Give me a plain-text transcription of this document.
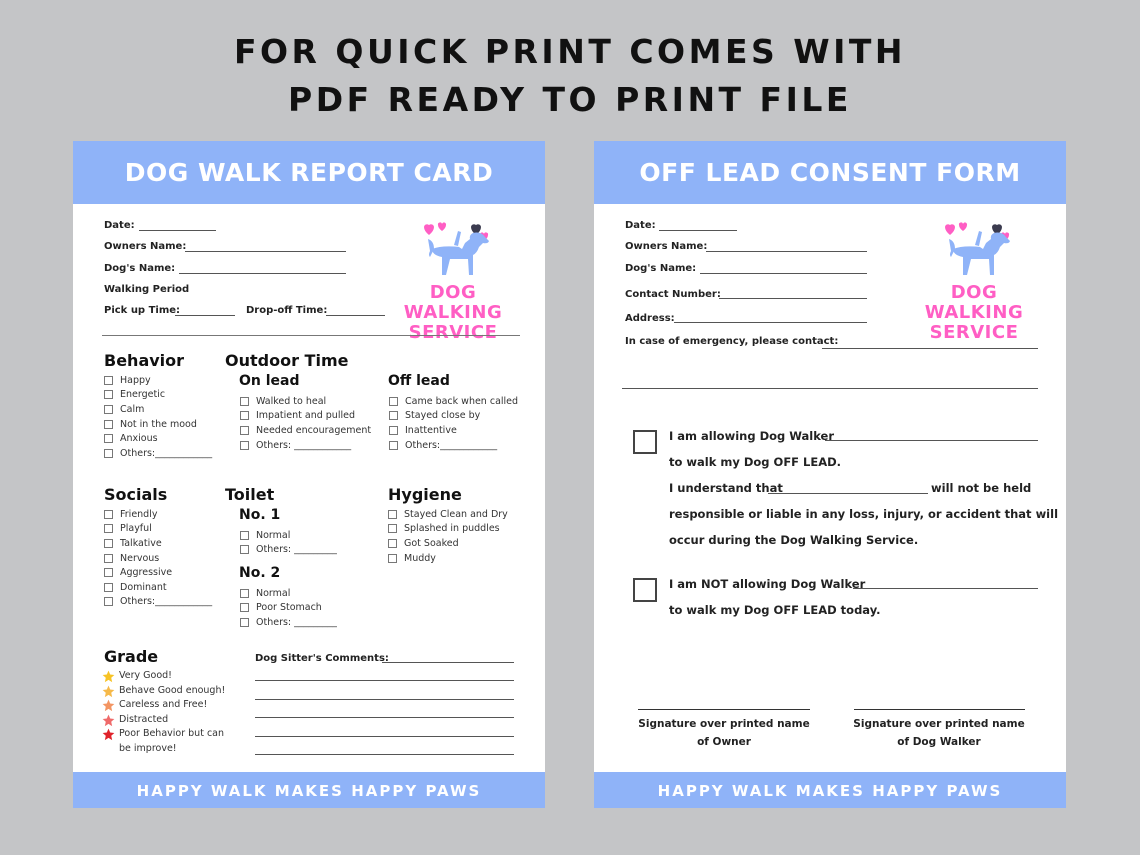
FOR QUICK PRINT COMES WITH
PDF READY TO PRINT FILE
DOG WALK REPORT CARD
Date:
Owners Name:
Dog's Name:
Walking Period
Pick up Time:	Drop-off Time:
DOG WALKING
SERVICE
Behavior
Happy
Energetic
Calm
Not in the mood
Anxious
Others:____________
Outdoor Time
On lead
Walked to heal
Impatient and pulled
Needed encouragement
Others: ____________
Off lead
Came back when called
Stayed close by
Inattentive
Others:____________
Socials
Friendly
Playful
Talkative
Nervous
Aggressive
Dominant
Others:____________
Toilet
No. 1
Normal
Others: _________
No. 2
Normal
Poor Stomach
Others: _________
Hygiene
Stayed Clean and Dry
Splashed in puddles
Got Soaked
Muddy
Grade
Very Good!
Behave Good enough!
Careless and Free!
Distracted
Poor Behavior but can be improve!
Dog Sitter's Comments:
HAPPY WALK MAKES HAPPY PAWS
OFF LEAD CONSENT FORM
Date:
Owners Name:
Dog's Name:
Contact Number:
Address:
In case of emergency, please contact:
DOG WALKING
SERVICE
I am allowing Dog Walker
to walk my Dog OFF LEAD.
I understand that	will not be held
responsible or liable in any loss, injury, or accident that will
occur during the Dog Walking Service.
I am NOT allowing Dog Walker
to walk my Dog OFF LEAD today.
Signature over printed name
of Owner
Signature over printed name
of Dog Walker
HAPPY WALK MAKES HAPPY PAWS
